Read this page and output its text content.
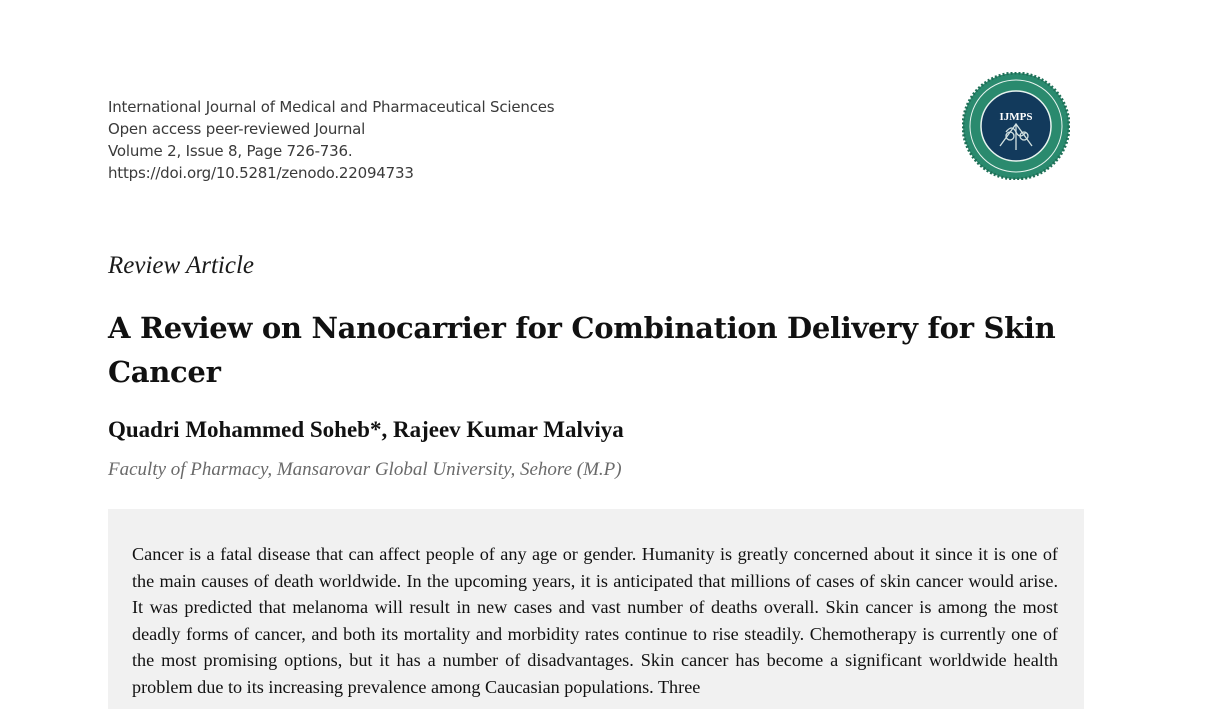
International Journal of Medical and Pharmaceutical Sciences
Open access peer-reviewed Journal
Volume 2, Issue 8, Page 726-736.
https://doi.org/10.5281/zenodo.22094733
IJMPS
Review Article
A Review on Nanocarrier for Combination Delivery for Skin Cancer
Quadri Mohammed Soheb*, Rajeev Kumar Malviya
Faculty of Pharmacy, Mansarovar Global University, Sehore (M.P)

Cancer is a fatal disease that can affect people of any age or gender. Humanity is greatly concerned about it since it is one of the main causes of death worldwide. In the upcoming years, it is anticipated that millions of cases of skin cancer would arise. It was predicted that melanoma will result in new cases and vast number of deaths overall. Skin cancer is among the most deadly forms of cancer, and both its mortality and morbidity rates continue to rise steadily. Chemotherapy is currently one of the most promising options, but it has a number of disadvantages. Skin cancer has become a significant worldwide health problem due to its increasing prevalence among Caucasian populations. Three
